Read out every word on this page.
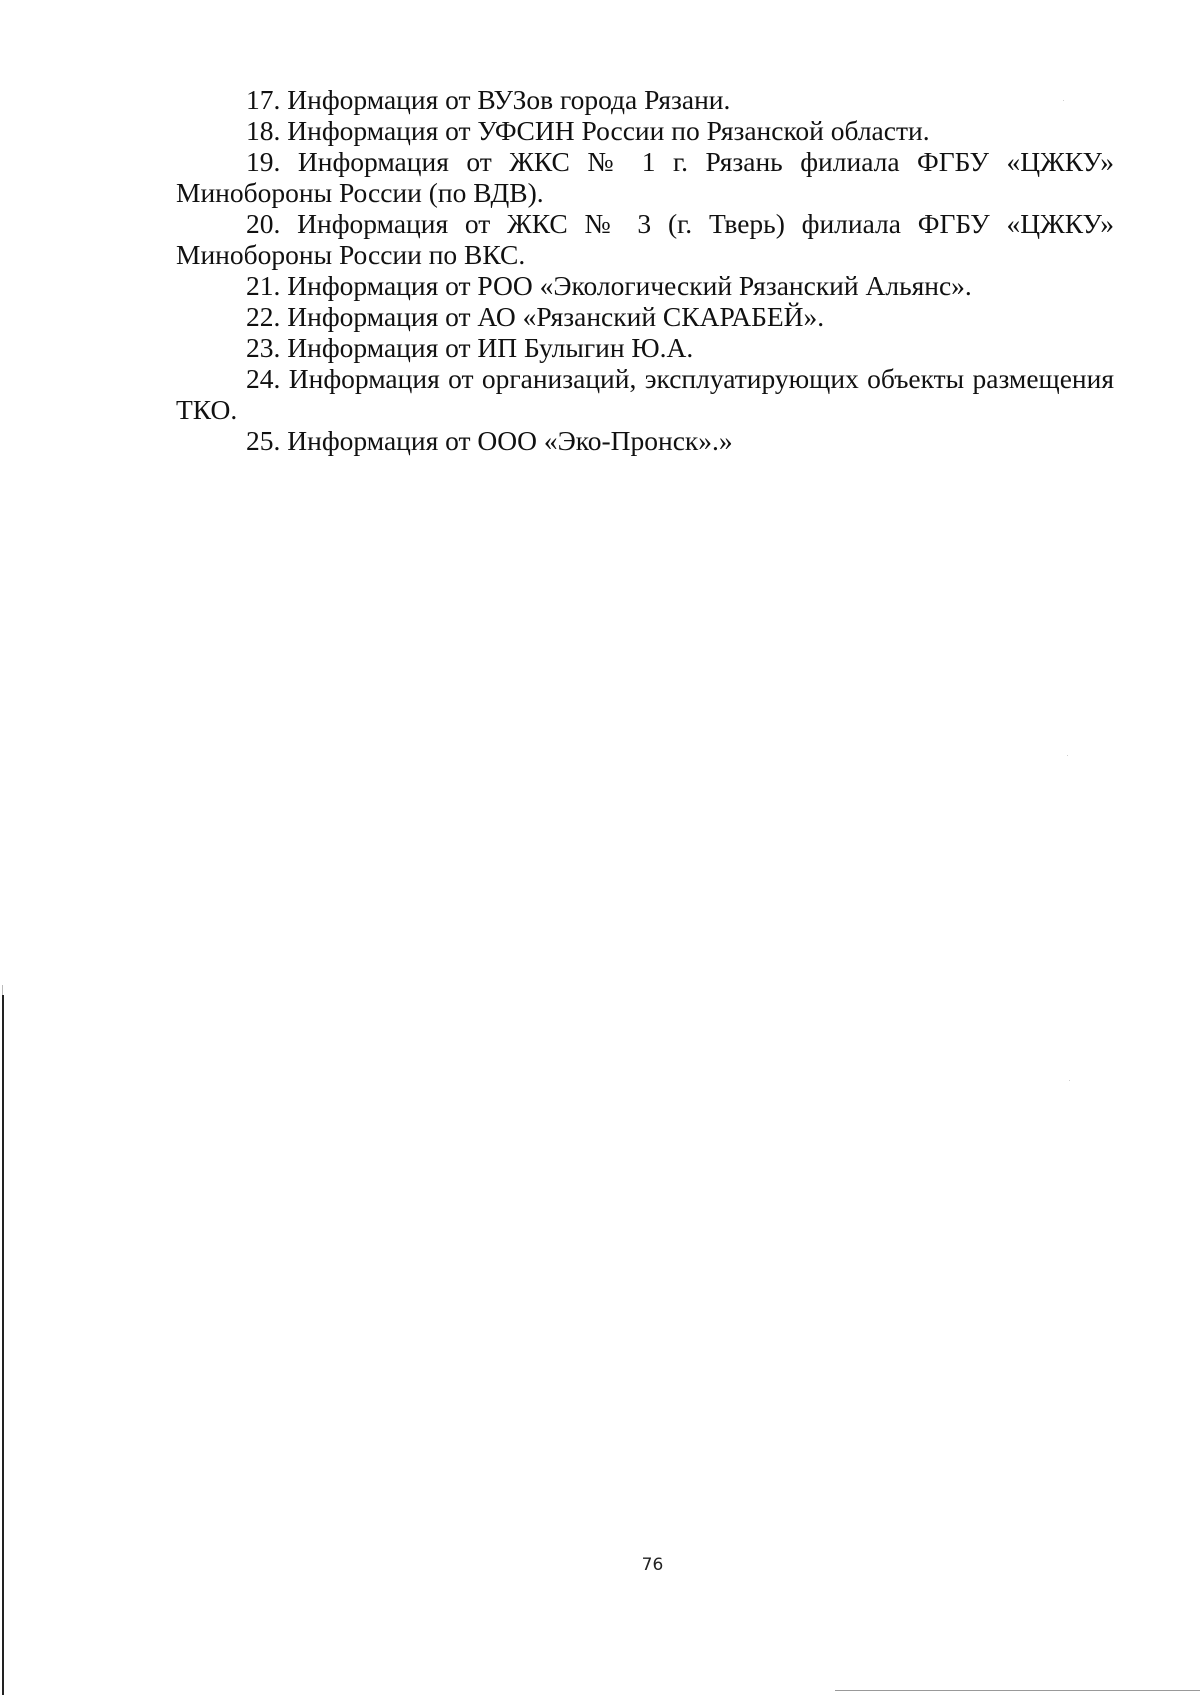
17. Информация от ВУЗов города Рязани.

18. Информация от УФСИН России по Рязанской области.

19. Информация от ЖКС № 1 г. Рязань филиала ФГБУ «ЦЖКУ» Минобороны России (по ВДВ).

20. Информация от ЖКС № 3 (г. Тверь) филиала ФГБУ «ЦЖКУ» Минобороны России по ВКС.

21. Информация от РОО «Экологический Рязанский Альянс».

22. Информация от АО «Рязанский СКАРАБЕЙ».

23. Информация от ИП Булыгин Ю.А.

24. Информация от организаций, эксплуатирующих объекты размещения ТКО.

25. Информация от ООО «Эко-Пронск».»

76
